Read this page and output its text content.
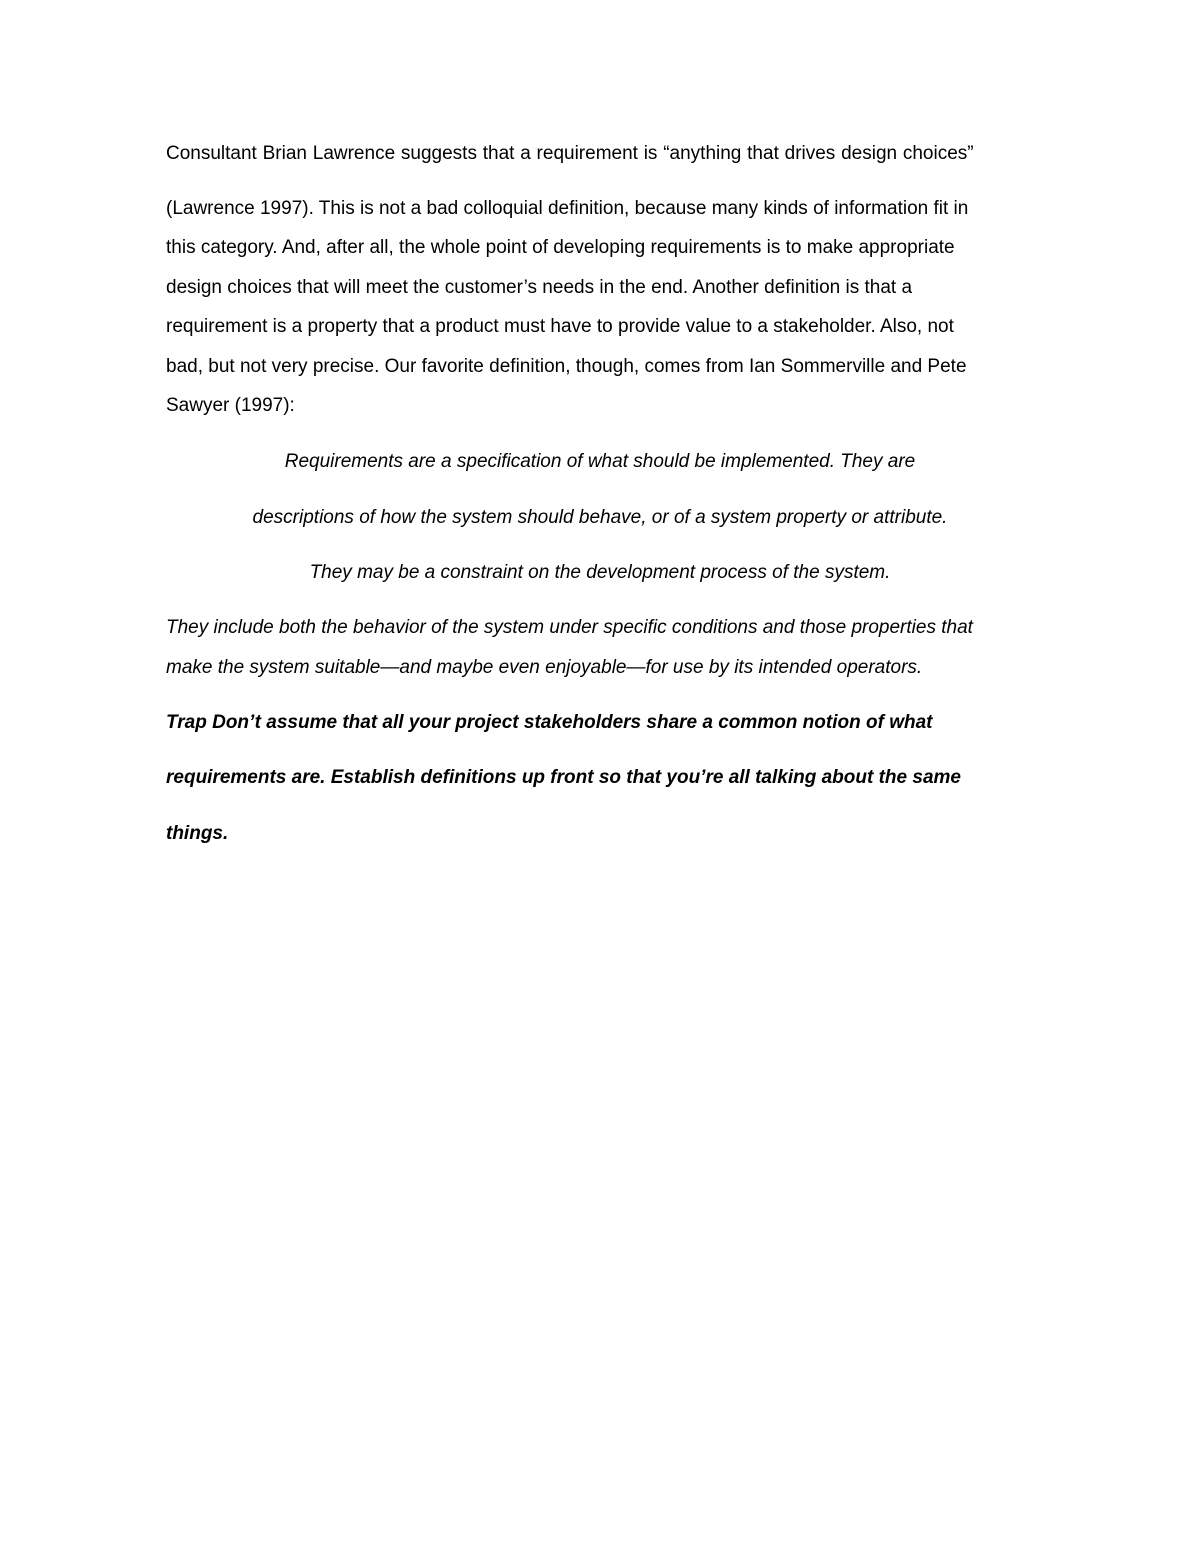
Consultant Brian Lawrence suggests that a requirement is “anything that drives design choices”
(Lawrence 1997). This is not a bad colloquial definition, because many kinds of information fit in
this category. And, after all, the whole point of developing requirements is to make appropriate
design choices that will meet the customer’s needs in the end. Another definition is that a
requirement is a property that a product must have to provide value to a stakeholder. Also, not
bad, but not very precise. Our favorite definition, though, comes from Ian Sommerville and Pete
Sawyer (1997):
Requirements are a specification of what should be implemented. They are
descriptions of how the system should behave, or of a system property or attribute.
They may be a constraint on the development process of the system.
They include both the behavior of the system under specific conditions and those properties that
make the system suitable—and maybe even enjoyable—for use by its intended operators.
Trap Don’t assume that all your project stakeholders share a common notion of what
requirements are. Establish definitions up front so that you’re all talking about the same
things.
